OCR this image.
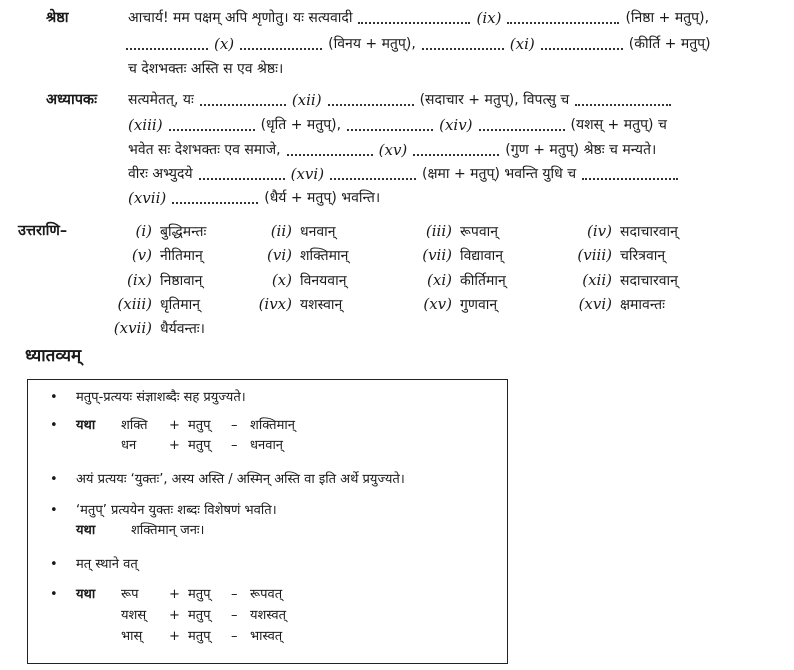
श्रेष्ठा	आचार्य! मम पक्षम् अपि शृणोतु। यः सत्यवादी	(ix)	(निष्ठा + मतुप्),
(x)	(विनय + मतुप्),	(xi)	(कीर्ति + मतुप्)
च देशभक्तः अस्ति स एव श्रेष्ठः।
अध्यापकः सत्यमेतत्, यः	(xii)	(सदाचार + मतुप्), विपत्सु च
(xiii)	(धृति + मतुप्),	(xiv)	(यशस् + मतुप्) च
भवेत सः देशभक्तः एव समाजे,	(xv)	(गुण + मतुप्) श्रेष्ठः च मन्यते।
वीरः अभ्युदये	(xvi)	(क्षमा + मतुप्) भवन्ति युधि च
(xvii)	(धैर्य + मतुप्) भवन्ति।
उत्तराणि–	(i) बुद्धिमन्तः	(ii) धनवान्	(iii) रूपवान्	(iv) सदाचारवान्
(v) नीतिमान्	(vi) शक्तिमान्	(vii) विद्यावान्	(viii) चरित्रवान्
(ix) निष्ठावान्	(x) विनयवान्	(xi) कीर्तिमान्	(xii) सदाचारवान्
(xiii) धृतिमान्	(ivx) यशस्वान्	(xv) गुणवान्	(xvi) क्षमावन्तः
(xvii) धैर्यवन्तः।
ध्यातव्यम्
• मतुप्-प्रत्ययः संज्ञाशब्दैः सह प्रयुज्यते।
• यथा शक्ति + मतुप् – शक्तिमान्
धन	+ मतुप् – धनवान्
• अयं प्रत्ययः ‘युक्तः’, अस्य अस्ति / अस्मिन् अस्ति वा इति अर्थे प्रयुज्यते।
• ‘मतुप्’ प्रत्ययेन युक्तः शब्दः विशेषणं भवति।
यथा	शक्तिमान् जनः।
• मत् स्थाने वत्
• यथा रूप + मतुप् – रूपवत्
यशस् + मतुप् – यशस्वत्
भास् + मतुप् – भास्वत्
